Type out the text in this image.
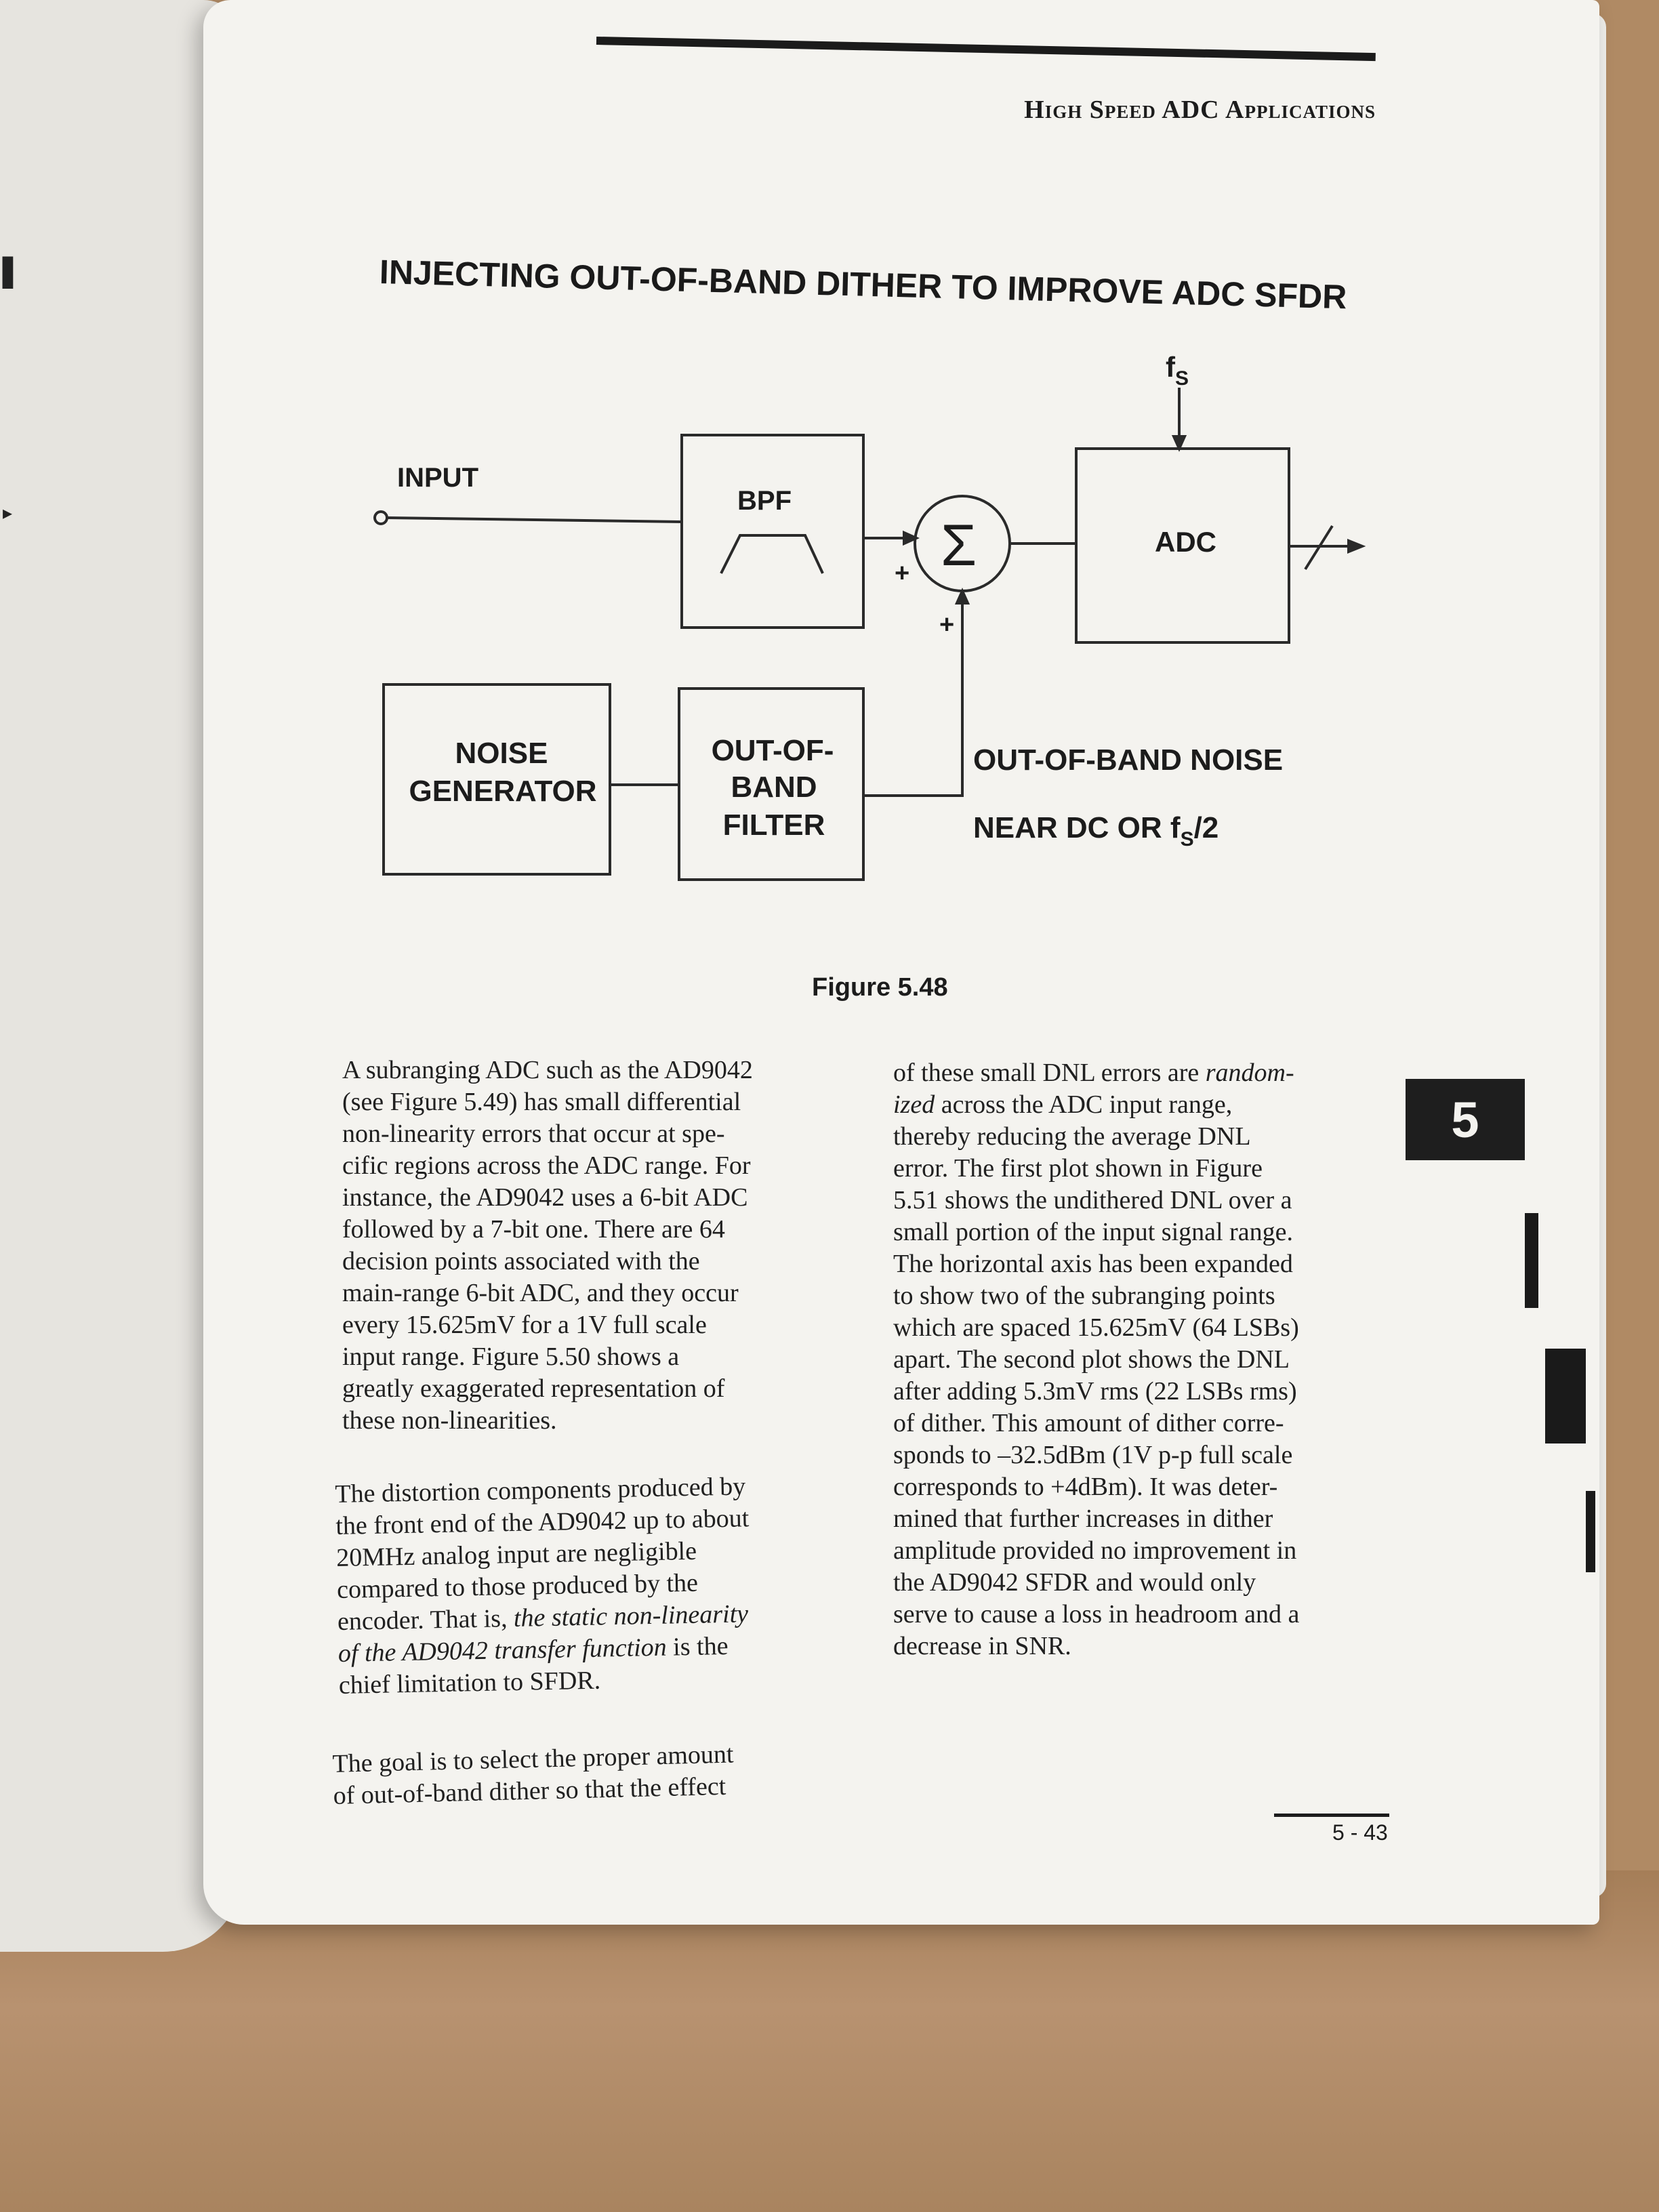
▌
▸
High Speed ADC Applications
INJECTING OUT-OF-BAND DITHER TO IMPROVE ADC SFDR
INPUT
BPF
Σ
+
+
ADC
$f_S$
NOISE
GENERATOR
OUT-OF-
BAND
FILTER
OUT-OF-BAND NOISE
NEAR DC OR $f_S/2$
Figure 5.48
A subranging ADC such as the AD9042
(see Figure 5.49) has small differential
non-linearity errors that occur at spe-
cific regions across the ADC range. For
instance, the AD9042 uses a 6-bit ADC
followed by a 7-bit one. There are 64
decision points associated with the
main-range 6-bit ADC, and they occur
every 15.625mV for a 1V full scale
input range. Figure 5.50 shows a
greatly exaggerated representation of
these non-linearities.
The distortion components produced by
the front end of the AD9042 up to about
20MHz analog input are negligible
compared to those produced by the
encoder. That is, the static non-linearity
of the AD9042 transfer function is the
chief limitation to SFDR.
The goal is to select the proper amount
of out-of-band dither so that the effect
of these small DNL errors are random-
ized across the ADC input range,
thereby reducing the average DNL
error. The first plot shown in Figure
5.51 shows the undithered DNL over a
small portion of the input signal range.
The horizontal axis has been expanded
to show two of the subranging points
which are spaced 15.625mV (64 LSBs)
apart. The second plot shows the DNL
after adding 5.3mV rms (22 LSBs rms)
of dither. This amount of dither corre-
sponds to –32.5dBm (1V p-p full scale
corresponds to +4dBm). It was deter-
mined that further increases in dither
amplitude provided no improvement in
the AD9042 SFDR and would only
serve to cause a loss in headroom and a
decrease in SNR.
5
5 - 43
